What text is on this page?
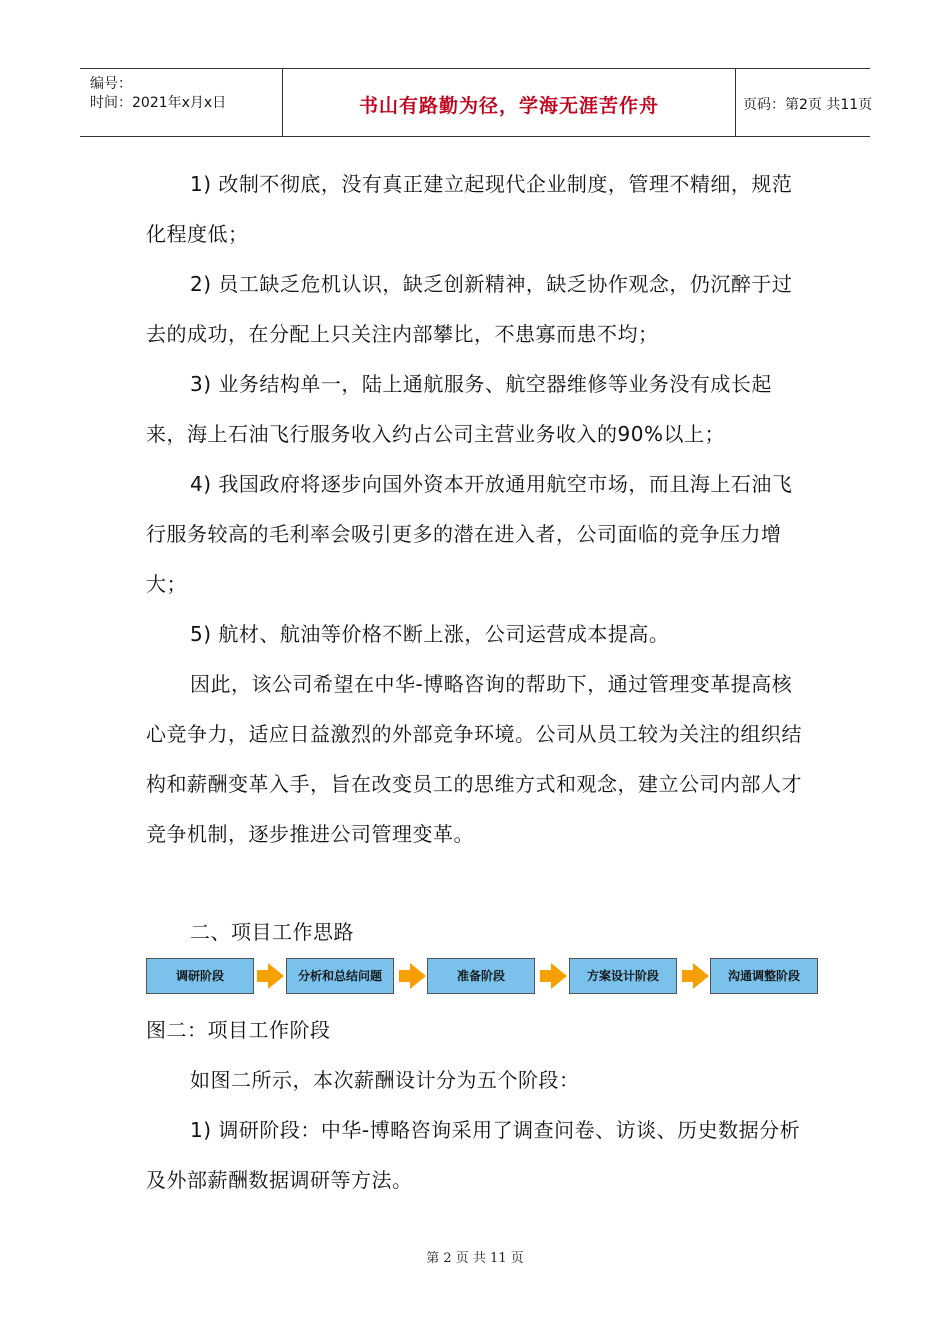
编号：
时间：2021年x月x日	书山有路勤为径，学海无涯苦作舟	页码：第2页 共11页

1) 改制不彻底，没有真正建立起现代企业制度，管理不精细，规范化程度低；

2) 员工缺乏危机认识，缺乏创新精神，缺乏协作观念，仍沉醉于过去的成功，在分配上只关注内部攀比，不患寡而患不均；

3) 业务结构单一，陆上通航服务、航空器维修等业务没有成长起来，海上石油飞行服务收入约占公司主营业务收入的90%以上；

4) 我国政府将逐步向国外资本开放通用航空市场，而且海上石油飞行服务较高的毛利率会吸引更多的潜在进入者，公司面临的竞争压力增大；

5) 航材、航油等价格不断上涨，公司运营成本提高。

因此，该公司希望在中华-博略咨询的帮助下，通过管理变革提高核心竞争力，适应日益激烈的外部竞争环境。公司从员工较为关注的组织结构和薪酬变革入手，旨在改变员工的思维方式和观念，建立公司内部人才竞争机制，逐步推进公司管理变革。

二、项目工作思路

调研阶段	分析和总结问题	准备阶段	方案设计阶段	沟通调整阶段

图二：项目工作阶段

如图二所示，本次薪酬设计分为五个阶段：

1) 调研阶段：中华-博略咨询采用了调查问卷、访谈、历史数据分析及外部薪酬数据调研等方法。

第 2 页 共 11 页
